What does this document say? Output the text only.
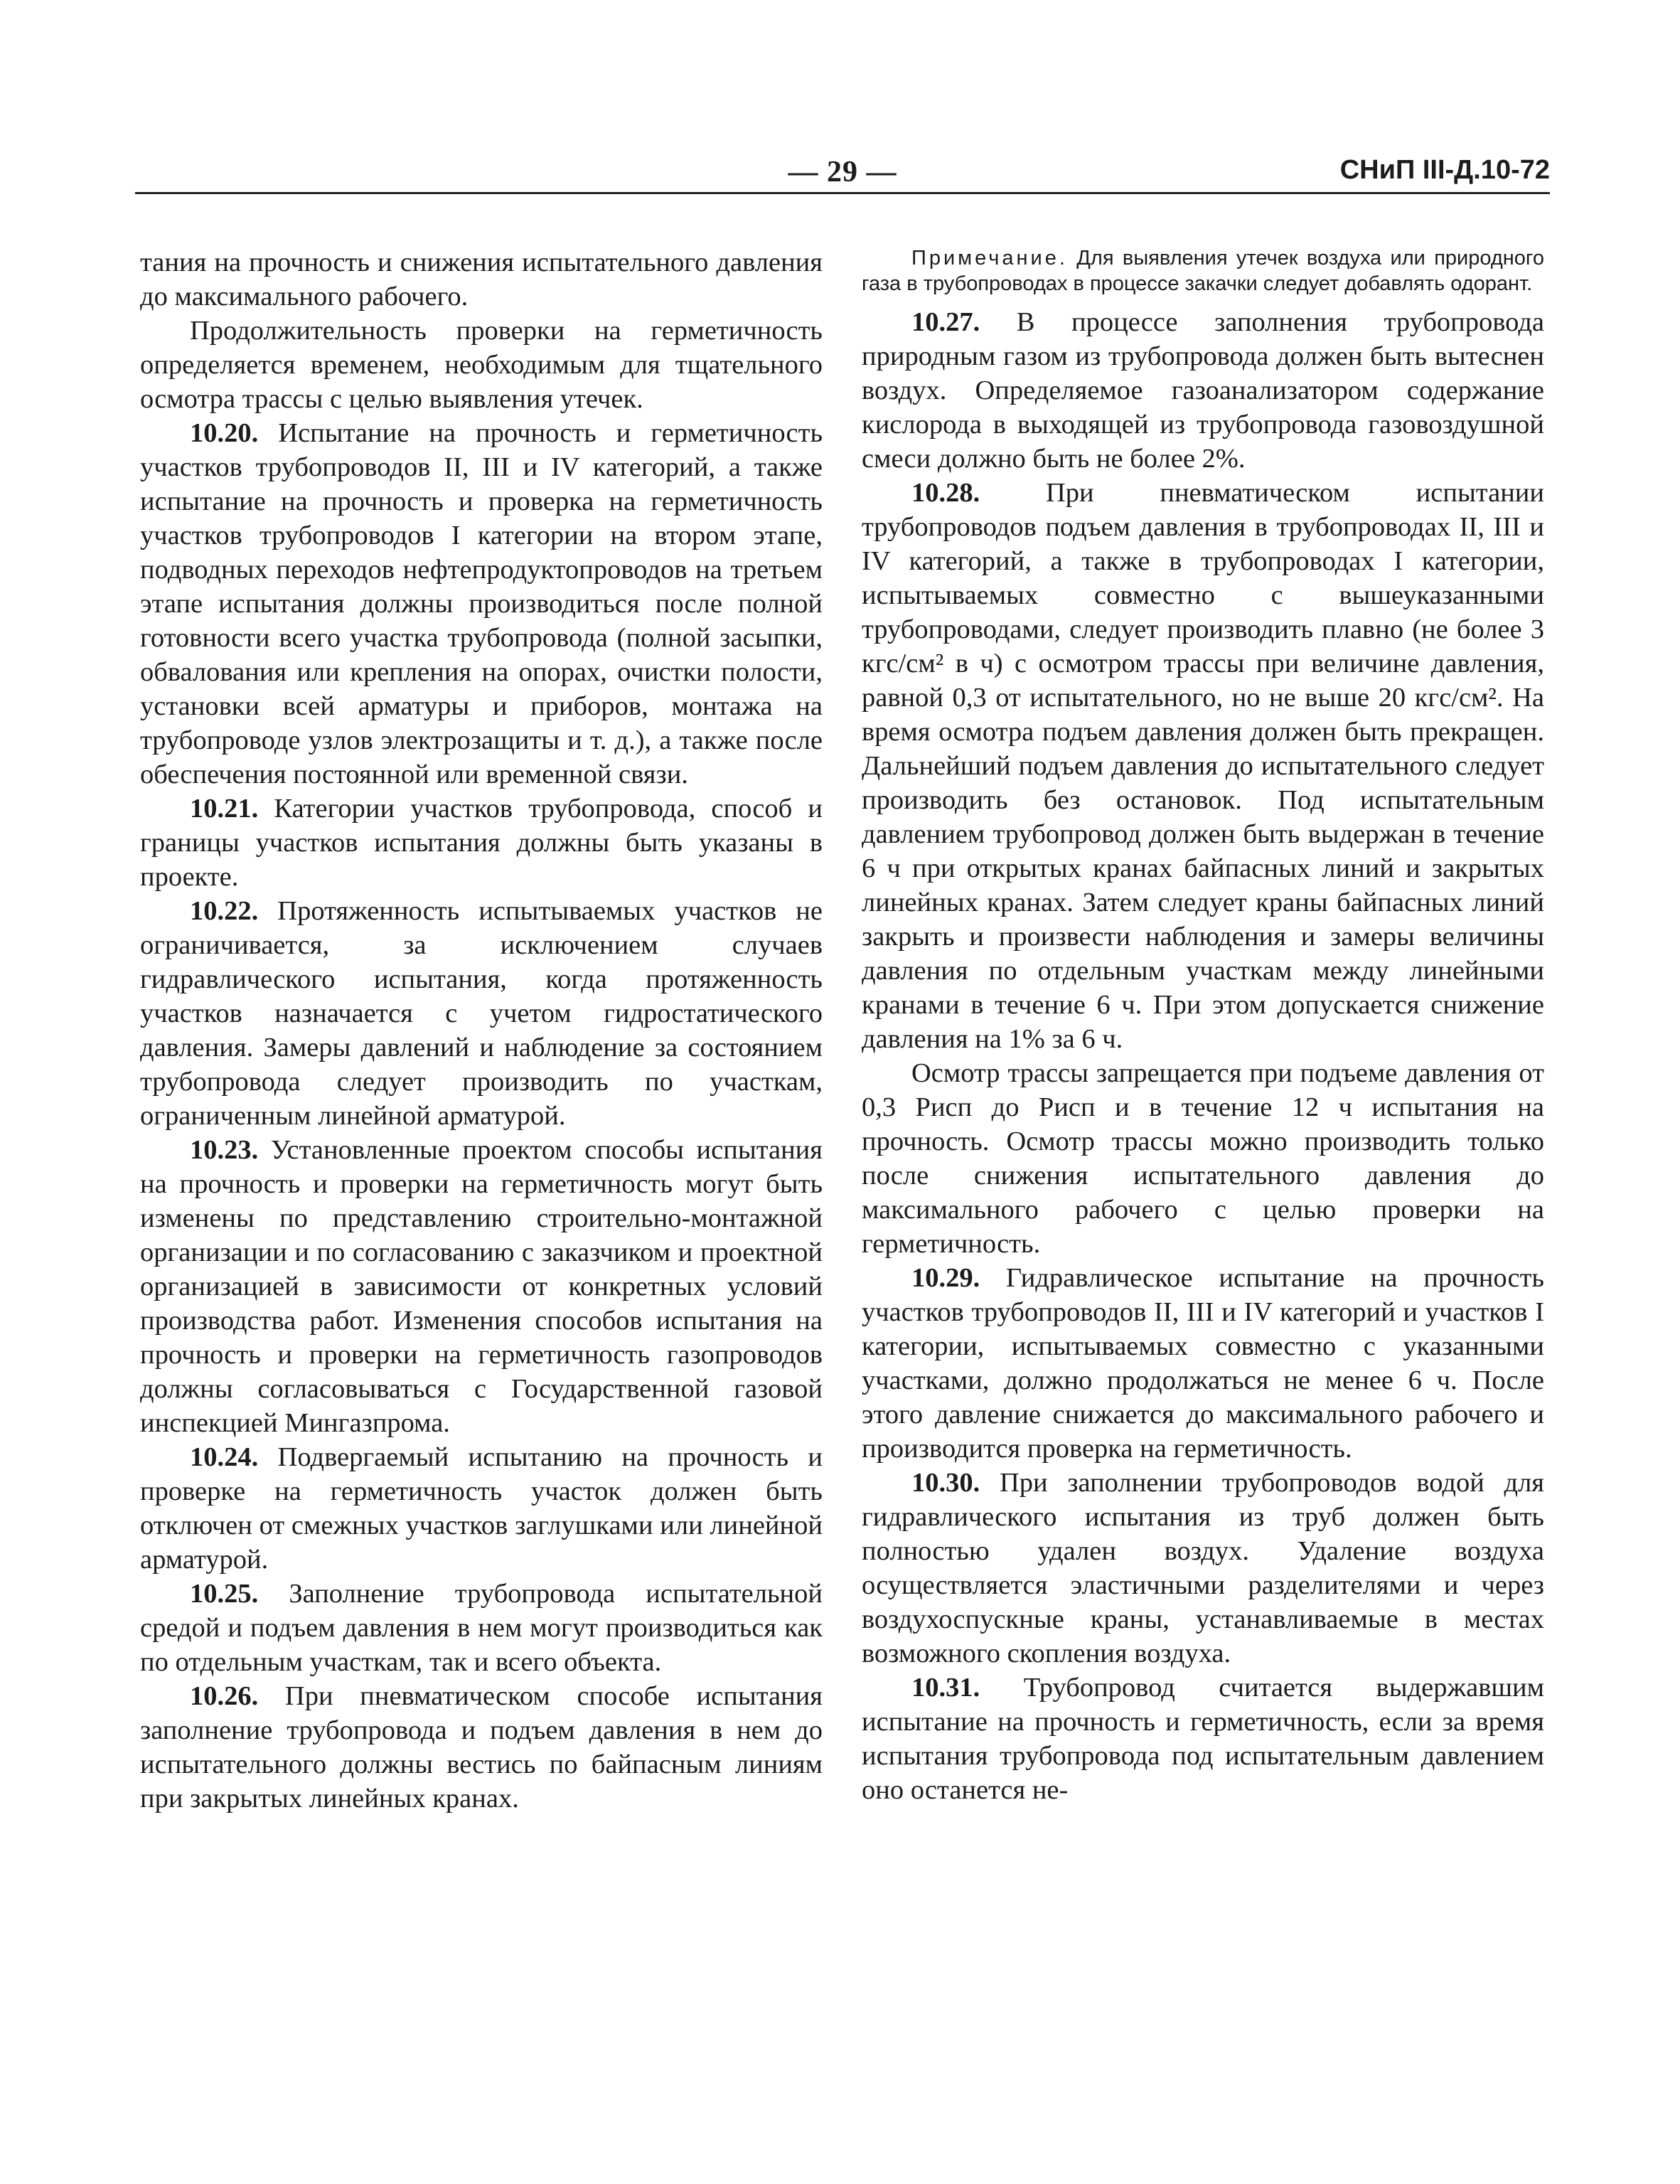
— 29 —	СНиП III-Д.10-72

тания на прочность и снижения испытательного давления до максимального рабочего.

Продолжительность проверки на герметичность определяется временем, необходимым для тщательного осмотра трассы с целью выявления утечек.

10.20. Испытание на прочность и герметичность участков трубопроводов II, III и IV категорий, а также испытание на прочность и проверка на герметичность участков трубопроводов I категории на втором этапе, подводных переходов нефтепродуктопроводов на третьем этапе испытания должны производиться после полной готовности всего участка трубопровода (полной засыпки, обвалования или крепления на опорах, очистки полости, установки всей арматуры и приборов, монтажа на трубопроводе узлов электрозащиты и т. д.), а также после обеспечения постоянной или временной связи.

10.21. Категории участков трубопровода, способ и границы участков испытания должны быть указаны в проекте.

10.22. Протяженность испытываемых участков не ограничивается, за исключением случаев гидравлического испытания, когда протяженность участков назначается с учетом гидростатического давления. Замеры давлений и наблюдение за состоянием трубопровода следует производить по участкам, ограниченным линейной арматурой.

10.23. Установленные проектом способы испытания на прочность и проверки на герметичность могут быть изменены по представлению строительно-монтажной организации и по согласованию с заказчиком и проектной организацией в зависимости от конкретных условий производства работ. Изменения способов испытания на прочность и проверки на герметичность газопроводов должны согласовываться с Государственной газовой инспекцией Мингазпрома.

10.24. Подвергаемый испытанию на прочность и проверке на герметичность участок должен быть отключен от смежных участков заглушками или линейной арматурой.

10.25. Заполнение трубопровода испытательной средой и подъем давления в нем могут производиться как по отдельным участкам, так и всего объекта.

10.26. При пневматическом способе испытания заполнение трубопровода и подъем давления в нем до испытательного должны вестись по байпасным линиям при закрытых линейных кранах.

Примечание. Для выявления утечек воздуха или природного газа в трубопроводах в процессе закачки следует добавлять одорант.

10.27. В процессе заполнения трубопровода природным газом из трубопровода должен быть вытеснен воздух. Определяемое газоанализатором содержание кислорода в выходящей из трубопровода газовоздушной смеси должно быть не более 2%.

10.28. При пневматическом испытании трубопроводов подъем давления в трубопроводах II, III и IV категорий, а также в трубопроводах I категории, испытываемых совместно с вышеуказанными трубопроводами, следует производить плавно (не более 3 кгс/см² в ч) с осмотром трассы при величине давления, равной 0,3 от испытательного, но не выше 20 кгс/см². На время осмотра подъем давления должен быть прекращен. Дальнейший подъем давления до испытательного следует производить без остановок. Под испытательным давлением трубопровод должен быть выдержан в течение 6 ч при открытых кранах байпасных линий и закрытых линейных кранах. Затем следует краны байпасных линий закрыть и произвести наблюдения и замеры величины давления по отдельным участкам между линейными кранами в течение 6 ч. При этом допускается снижение давления на 1% за 6 ч.

Осмотр трассы запрещается при подъеме давления от 0,3 Pисп до Pисп и в течение 12 ч испытания на прочность. Осмотр трассы можно производить только после снижения испытательного давления до максимального рабочего с целью проверки на герметичность.

10.29. Гидравлическое испытание на прочность участков трубопроводов II, III и IV категорий и участков I категории, испытываемых совместно с указанными участками, должно продолжаться не менее 6 ч. После этого давление снижается до максимального рабочего и производится проверка на герметичность.

10.30. При заполнении трубопроводов водой для гидравлического испытания из труб должен быть полностью удален воздух. Удаление воздуха осуществляется эластичными разделителями и через воздухоспускные краны, устанавливаемые в местах возможного скопления воздуха.

10.31. Трубопровод считается выдержавшим испытание на прочность и герметичность, если за время испытания трубопровода под испытательным давлением оно останется не-
